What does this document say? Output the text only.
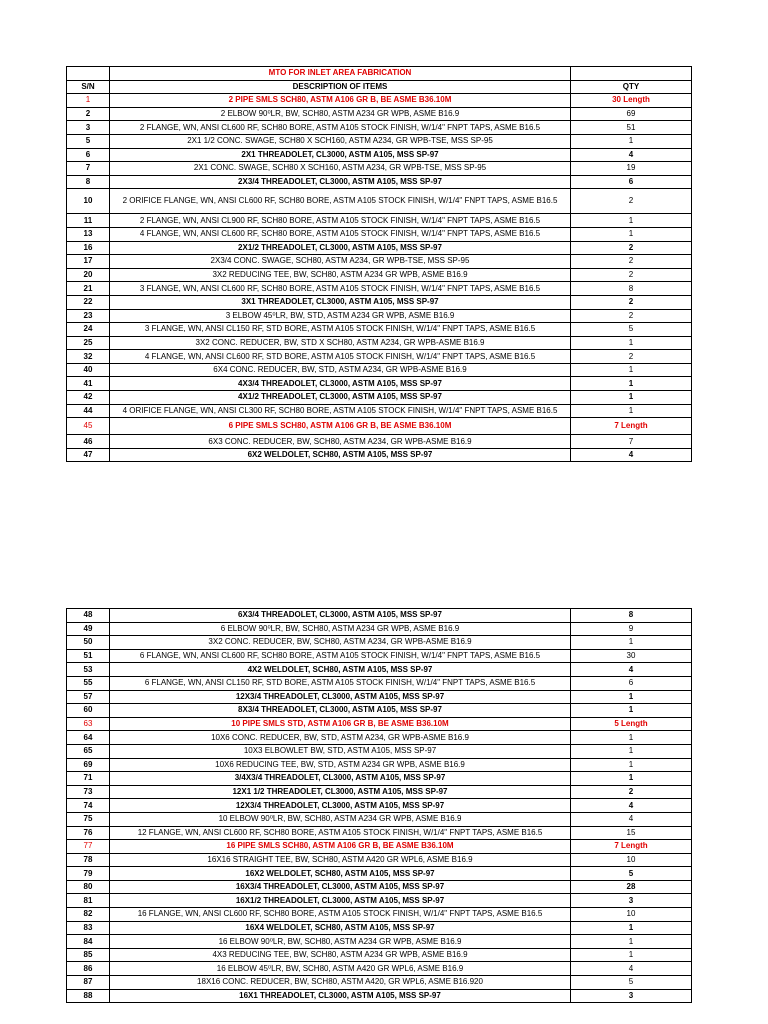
	MTO FOR INLET AREA FABRICATION	
S/N	DESCRIPTION OF ITEMS	QTY
1	2 PIPE SMLS SCH80, ASTM A106 GR B, BE ASME B36.10M	30 Length
2	2 ELBOW 90⁰LR, BW, SCH80, ASTM A234 GR WPB, ASME B16.9	69
3	2 FLANGE, WN, ANSI CL600 RF, SCH80 BORE, ASTM A105 STOCK FINISH, W/1/4" FNPT TAPS, ASME B16.5	51
5	2X1 1/2 CONC. SWAGE, SCH80 X SCH160, ASTM A234, GR WPB-TSE, MSS SP-95	1
6	2X1 THREADOLET, CL3000, ASTM A105, MSS SP-97	4
7	2X1 CONC. SWAGE, SCH80 X SCH160, ASTM A234, GR WPB-TSE, MSS SP-95	19
8	2X3/4 THREADOLET, CL3000, ASTM A105, MSS SP-97	6
10	2 ORIFICE FLANGE, WN, ANSI CL600 RF, SCH80 BORE, ASTM A105 STOCK FINISH, W/1/4" FNPT TAPS, ASME B16.5	2
11	2 FLANGE, WN, ANSI CL900 RF, SCH80 BORE, ASTM A105 STOCK FINISH, W/1/4" FNPT TAPS, ASME B16.5	1
13	4 FLANGE, WN, ANSI CL600 RF, SCH80 BORE, ASTM A105 STOCK FINISH, W/1/4" FNPT TAPS, ASME B16.5	1
16	2X1/2 THREADOLET, CL3000, ASTM A105, MSS SP-97	2
17	2X3/4 CONC. SWAGE, SCH80, ASTM A234, GR WPB-TSE, MSS SP-95	2
20	3X2 REDUCING TEE, BW, SCH80, ASTM A234 GR WPB, ASME B16.9	2
21	3 FLANGE, WN, ANSI CL600 RF, SCH80 BORE, ASTM A105 STOCK FINISH, W/1/4" FNPT TAPS, ASME B16.5	8
22	3X1 THREADOLET, CL3000, ASTM A105, MSS SP-97	2
23	3 ELBOW 45⁰LR, BW, STD, ASTM A234 GR WPB, ASME B16.9	2
24	3 FLANGE, WN, ANSI CL150 RF, STD BORE, ASTM A105 STOCK FINISH, W/1/4" FNPT TAPS, ASME B16.5	5
25	3X2 CONC. REDUCER, BW, STD X SCH80, ASTM A234, GR WPB-ASME B16.9	1
32	4 FLANGE, WN, ANSI CL600 RF, STD BORE, ASTM A105 STOCK FINISH, W/1/4" FNPT TAPS, ASME B16.5	2
40	6X4 CONC. REDUCER, BW, STD, ASTM A234, GR WPB-ASME B16.9	1
41	4X3/4 THREADOLET, CL3000, ASTM A105, MSS SP-97	1
42	4X1/2 THREADOLET, CL3000, ASTM A105, MSS SP-97	1
44	4 ORIFICE FLANGE, WN, ANSI CL300 RF, SCH80 BORE, ASTM A105 STOCK FINISH, W/1/4" FNPT TAPS, ASME B16.5	1
45	6 PIPE SMLS SCH80, ASTM A106 GR B, BE ASME B36.10M	7 Length
46	6X3 CONC. REDUCER, BW, SCH80, ASTM A234, GR WPB-ASME B16.9	7
47	6X2 WELDOLET, SCH80, ASTM A105, MSS SP-97	4
48	6X3/4 THREADOLET, CL3000, ASTM A105, MSS SP-97	8
49	6 ELBOW 90⁰LR, BW, SCH80, ASTM A234 GR WPB, ASME B16.9	9
50	3X2 CONC. REDUCER, BW, SCH80, ASTM A234, GR WPB-ASME B16.9	1
51	6 FLANGE, WN, ANSI CL600 RF, SCH80 BORE, ASTM A105 STOCK FINISH, W/1/4" FNPT TAPS, ASME B16.5	30
53	4X2 WELDOLET, SCH80, ASTM A105, MSS SP-97	4
55	6 FLANGE, WN, ANSI CL150 RF, STD BORE, ASTM A105 STOCK FINISH, W/1/4" FNPT TAPS, ASME B16.5	6
57	12X3/4 THREADOLET, CL3000, ASTM A105, MSS SP-97	1
60	8X3/4 THREADOLET, CL3000, ASTM A105, MSS SP-97	1
63	10 PIPE SMLS STD, ASTM A106 GR B, BE ASME B36.10M	5 Length
64	10X6 CONC. REDUCER, BW, STD, ASTM A234, GR WPB-ASME B16.9	1
65	10X3 ELBOWLET BW, STD, ASTM A105, MSS SP-97	1
69	10X6 REDUCING TEE, BW, STD, ASTM A234 GR WPB, ASME B16.9	1
71	3/4X3/4 THREADOLET, CL3000, ASTM A105, MSS SP-97	1
73	12X1 1/2 THREADOLET, CL3000, ASTM A105, MSS SP-97	2
74	12X3/4 THREADOLET, CL3000, ASTM A105, MSS SP-97	4
75	10 ELBOW 90⁰LR, BW, SCH80, ASTM A234 GR WPB, ASME B16.9	4
76	12 FLANGE, WN, ANSI CL600 RF, SCH80 BORE, ASTM A105 STOCK FINISH, W/1/4" FNPT TAPS, ASME B16.5	15
77	16 PIPE SMLS SCH80, ASTM A106 GR B, BE ASME B36.10M	7 Length
78	16X16 STRAIGHT TEE, BW, SCH80, ASTM A420 GR WPL6, ASME B16.9	10
79	16X2 WELDOLET, SCH80, ASTM A105, MSS SP-97	5
80	16X3/4 THREADOLET, CL3000, ASTM A105, MSS SP-97	28
81	16X1/2 THREADOLET, CL3000, ASTM A105, MSS SP-97	3
82	16 FLANGE, WN, ANSI CL600 RF, SCH80 BORE, ASTM A105 STOCK FINISH, W/1/4" FNPT TAPS, ASME B16.5	10
83	16X4 WELDOLET, SCH80, ASTM A105, MSS SP-97	1
84	16 ELBOW 90⁰LR, BW, SCH80, ASTM A234 GR WPB, ASME B16.9	1
85	4X3 REDUCING TEE, BW, SCH80, ASTM A234 GR WPB, ASME B16.9	1
86	16 ELBOW 45⁰LR, BW, SCH80, ASTM A420 GR WPL6, ASME B16.9	4
87	18X16 CONC. REDUCER, BW, SCH80, ASTM A420, GR WPL6, ASME B16.920	5
88	16X1 THREADOLET, CL3000, ASTM A105, MSS SP-97	3
